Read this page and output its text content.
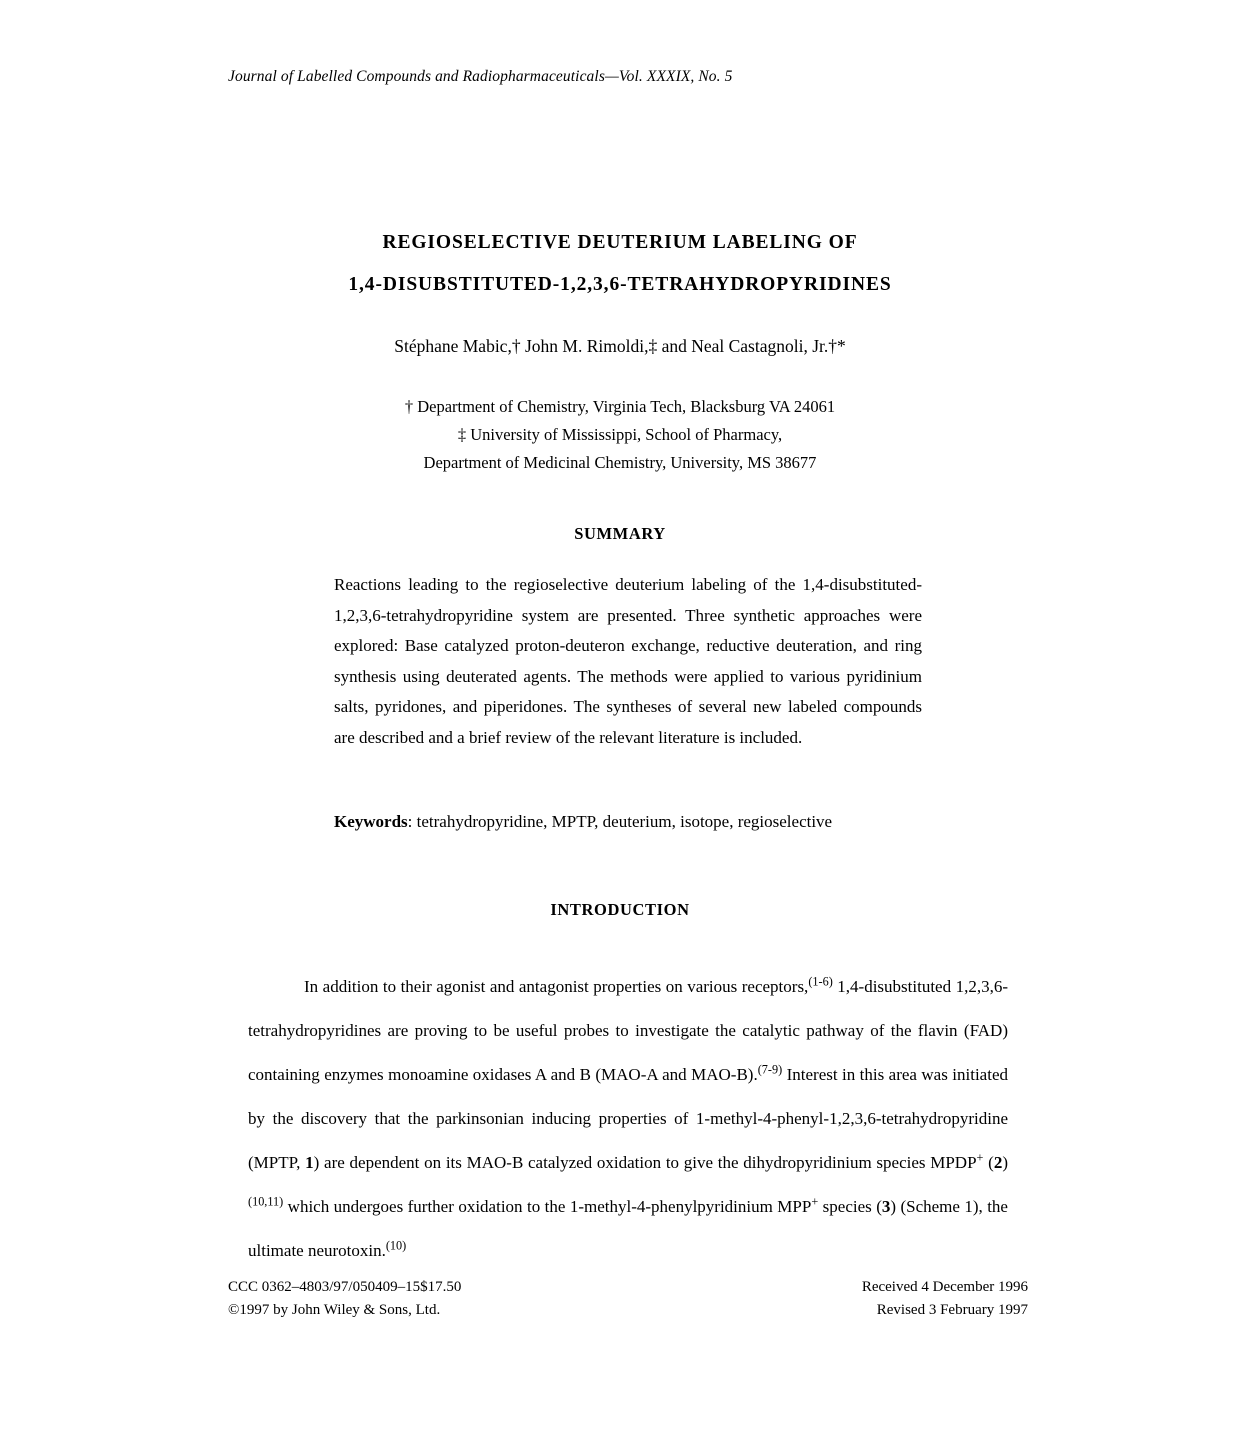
Journal of Labelled Compounds and Radiopharmaceuticals—Vol. XXXIX, No. 5
REGIOSELECTIVE DEUTERIUM LABELING OF
1,4-DISUBSTITUTED-1,2,3,6-TETRAHYDROPYRIDINES
Stéphane Mabic,† John M. Rimoldi,‡ and Neal Castagnoli, Jr.†*
† Department of Chemistry, Virginia Tech, Blacksburg VA 24061
‡ University of Mississippi, School of Pharmacy,
Department of Medicinal Chemistry, University, MS 38677
SUMMARY
Reactions leading to the regioselective deuterium labeling of the 1,4-disubstituted-1,2,3,6-tetrahydropyridine system are presented. Three synthetic approaches were explored: Base catalyzed proton-deuteron exchange, reductive deuteration, and ring synthesis using deuterated agents. The methods were applied to various pyridinium salts, pyridones, and piperidones. The syntheses of several new labeled compounds are described and a brief review of the relevant literature is included.
Keywords: tetrahydropyridine, MPTP, deuterium, isotope, regioselective
INTRODUCTION
In addition to their agonist and antagonist properties on various receptors,$^{(1-6)}$ 1,4-disubstituted 1,2,3,6-tetrahydropyridines are proving to be useful probes to investigate the catalytic pathway of the flavin (FAD) containing enzymes monoamine oxidases A and B (MAO-A and MAO-B).$^{(7-9)}$ Interest in this area was initiated by the discovery that the parkinsonian inducing properties of 1-methyl-4-phenyl-1,2,3,6-tetrahydropyridine (MPTP, 1) are dependent on its MAO-B catalyzed oxidation to give the dihydropyridinium species MPDP+ $(2)^{(10,11)}$ which undergoes further oxidation to the 1-methyl-4-phenylpyridinium MPP+ species (3) (Scheme 1), the ultimate neurotoxin.$^{(10)}$
CCC 0362–4803/97/050409–15$17.50
©1997 by John Wiley & Sons, Ltd.
Received 4 December 1996
Revised 3 February 1997
